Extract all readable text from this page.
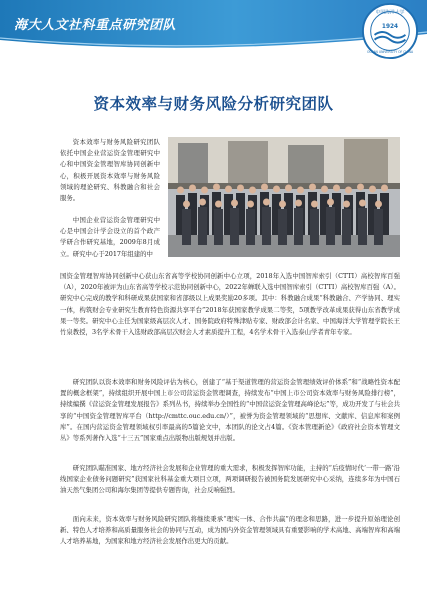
海大人文社科重点研究团队
中国海洋大学
1924
OCEAN UNIVERSITY OF CHINA
资本效率与财务风险分析研究团队
资本效率与财务风险研究团队依托中国企业营运资金管理研究中心和中国资金管理智库协同创新中心，积极开展资本效率与财务风险领域的理论研究、科教融合和社会服务。
中国企业营运资金管理研究中心是中国会计学会设立的首个政产学研合作研究基地，2009年8月成立。研究中心于2017年组建的中
国资金管理智库协同创新中心获山东省高等学校协同创新中心立项，2018年入选中国智库索引（CTTI）高校智库百强（A），2020年被评为山东省高等学校示范协同创新中心，2022年蝉联入选中国智库索引（CTTI）高校智库百强（A）。研究中心完成的教学和科研成果获国家和省部级以上成果奖励20多项。其中：科教融合成果“科教融合、产学协同、理实一体，构筑财会专业研究生教育特色资源共享平台”2018年获国家教学成果二等奖，5项教学改革成果获得山东省教学成果一等奖。研究中心主任为国家级高层次人才、国务院政府特殊津贴专家、财政部会计名家、中国海洋大学管理学院长王竹泉教授，3名学术骨干入选财政部高层次财会人才素质提升工程，4名学术骨干入选泰山学者青年专家。
研究团队以资本效率和财务风险评估为核心，创建了“基于渠道管理的营运资金管理绩效评价体系”和“战略性资本配置的概念框架”，持续组织开展中国上市公司营运资金管理调查，持续发布“中国上市公司资本效率与财务风险排行榜”，持续编撰《营运资金管理发展报告》系列丛书，持续举办全国性的“中国营运资金管理高峰论坛”等，成功开发了与社会共享的“中国资金管理智库平台（http://cmttc.ouc.edu.cn/）”，被誉为资金管理领域的“思想库、文献库、信息库和案例库”。在国内营运资金管理领域权引率最高的5篇论文中，本团队的论文占4篇。《资本管理新论》《政府社会资本管理文丛》等系列著作入选“十三五”国家重点出版物出版规划并出版。
研究团队瞄准国家、地方经济社会发展和企业管理的重大需求，积极发挥智库功能，主持的“后疫情时代‘一带一路’沿线国家企业债务问题研究”获国家社科基金重大项目立项，两项调研报告被国务院发展研究中心采纳，连续多年为中国石油天然气集团公司和海尔集团等提供专题咨询，社会反响强烈。
面向未来，资本效率与财务风险研究团队将继续秉承“理实一体、合作共赢”的理念和思路，进一步提升原始理论创新、特色人才培养和高质量服务社会的协同与互动，成为国内外资金管理领域具有重要影响的学术高地、高端智库和高端人才培养基地，为国家和地方经济社会发展作出更大的贡献。
